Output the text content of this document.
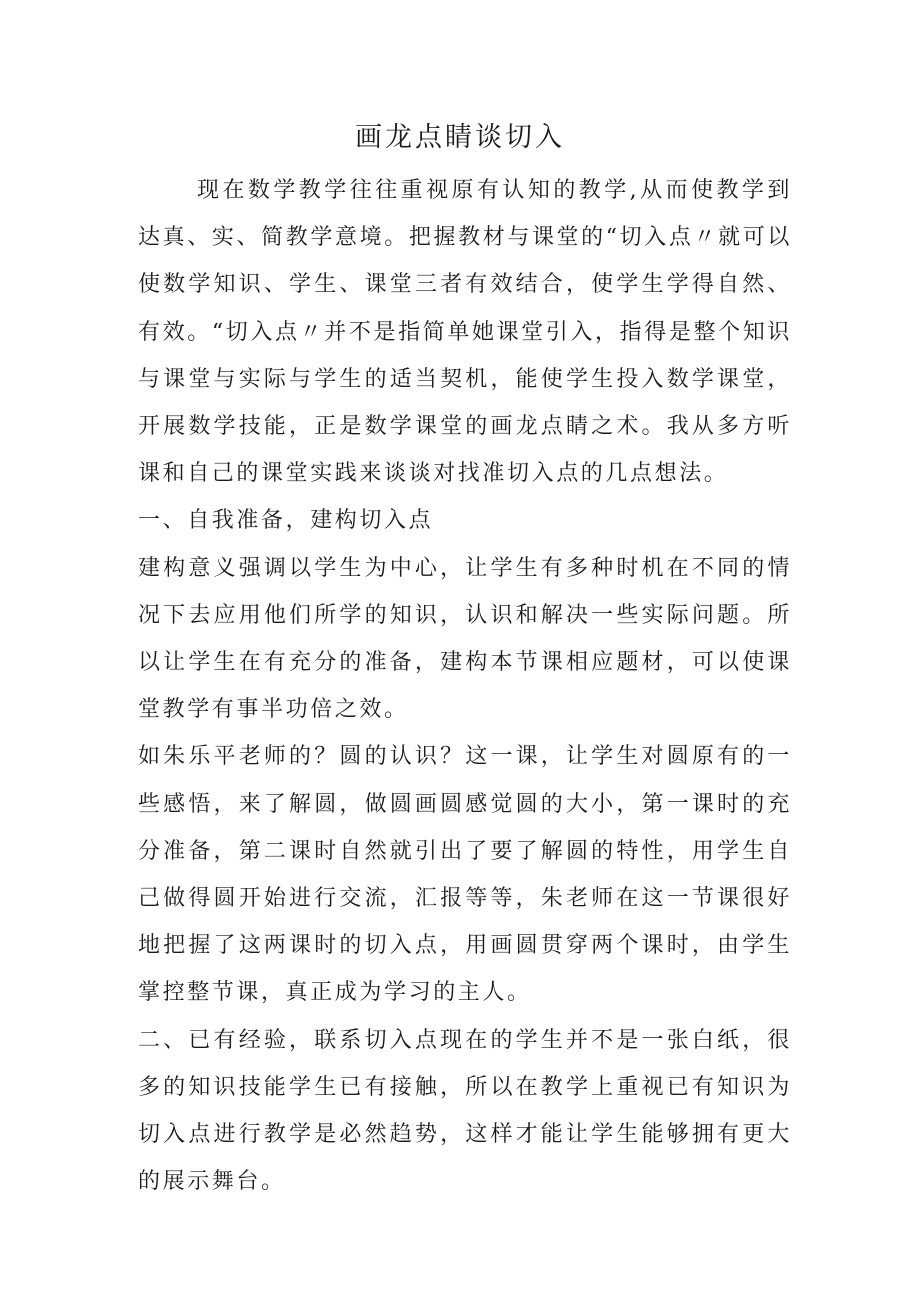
画龙点睛谈切入

现在数学教学往往重视原有认知的教学,从而使教学到达真、实、简教学意境。把握教材与课堂的“切入点〃就可以使数学知识、学生、课堂三者有效结合，使学生学得自然、有效。“切入点〃并不是指简单她课堂引入，指得是整个知识与课堂与实际与学生的适当契机，能使学生投入数学课堂，开展数学技能，正是数学课堂的画龙点睛之术。我从多方听课和自己的课堂实践来谈谈对找准切入点的几点想法。

一、自我准备，建构切入点

建构意义强调以学生为中心，让学生有多种时机在不同的情况下去应用他们所学的知识，认识和解决一些实际问题。所以让学生在有充分的准备，建构本节课相应题材，可以使课堂教学有事半功倍之效。

如朱乐平老师的？圆的认识？这一课，让学生对圆原有的一些感悟，来了解圆，做圆画圆感觉圆的大小，第一课时的充分准备，第二课时自然就引出了要了解圆的特性，用学生自己做得圆开始进行交流，汇报等等，朱老师在这一节课很好地把握了这两课时的切入点，用画圆贯穿两个课时，由学生掌控整节课，真正成为学习的主人。

二、已有经验，联系切入点现在的学生并不是一张白纸，很多的知识技能学生已有接触，所以在教学上重视已有知识为切入点进行教学是必然趋势，这样才能让学生能够拥有更大的展示舞台。
